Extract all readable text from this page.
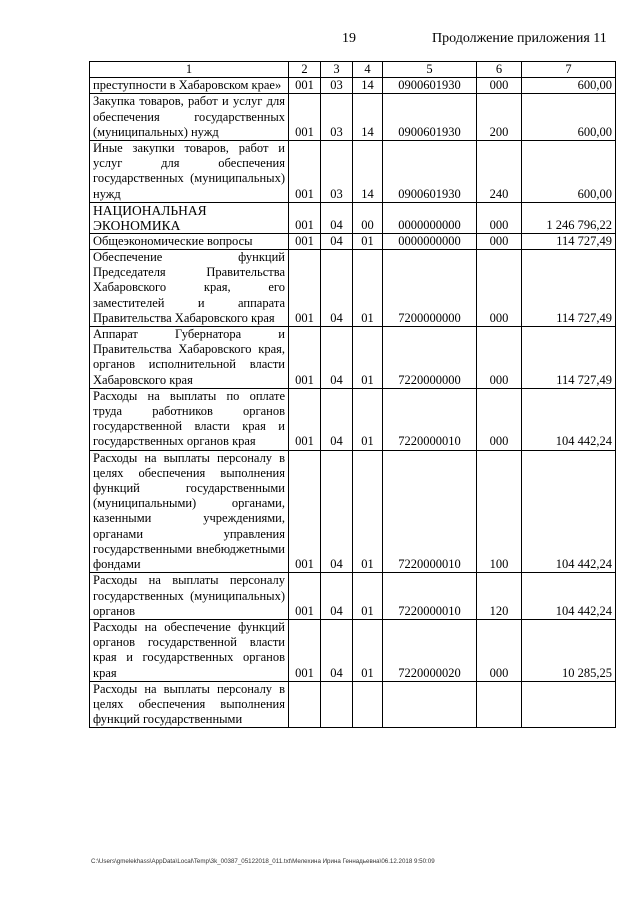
19	Продолжение приложения 11
1	2	3	4	5	6	7
преступности в Хабаровском крае»	001	03	14	0900601930	000	600,00
Закупка товаров, работ и услуг для обеспечения государственных (муниципальных) нужд	001	03	14	0900601930	200	600,00
Иные закупки товаров, работ и услуг для обеспечения государственных (муниципальных) нужд	001	03	14	0900601930	240	600,00
НАЦИОНАЛЬНАЯ ЭКОНОМИКА	001	04	00	0000000000	000	1 246 796,22
Общеэкономические вопросы	001	04	01	0000000000	000	114 727,49
Обеспечение функций Председателя Правительства Хабаровского края, его заместителей и аппарата Правительства Хабаровского края	001	04	01	7200000000	000	114 727,49
Аппарат Губернатора и Правительства Хабаровского края, органов исполнительной власти Хабаровского края	001	04	01	7220000000	000	114 727,49
Расходы на выплаты по оплате труда работников органов государственной власти края и государственных органов края	001	04	01	7220000010	000	104 442,24
Расходы на выплаты персоналу в целях обеспечения выполнения функций государственными (муниципальными) органами, казенными учреждениями, органами управления государственными внебюджетными фондами	001	04	01	7220000010	100	104 442,24
Расходы на выплаты персоналу государственных (муниципальных) органов	001	04	01	7220000010	120	104 442,24
Расходы на обеспечение функций органов государственной власти края и государственных органов края	001	04	01	7220000020	000	10 285,25
Расходы на выплаты персоналу в целях обеспечения выполнения функций государственными						
C:\Users\gmelekhass\AppData\Local\Temp\3k_00387_05122018_011.txt\Мелехина Ирина Геннадьевна\06.12.2018 9:50:09
